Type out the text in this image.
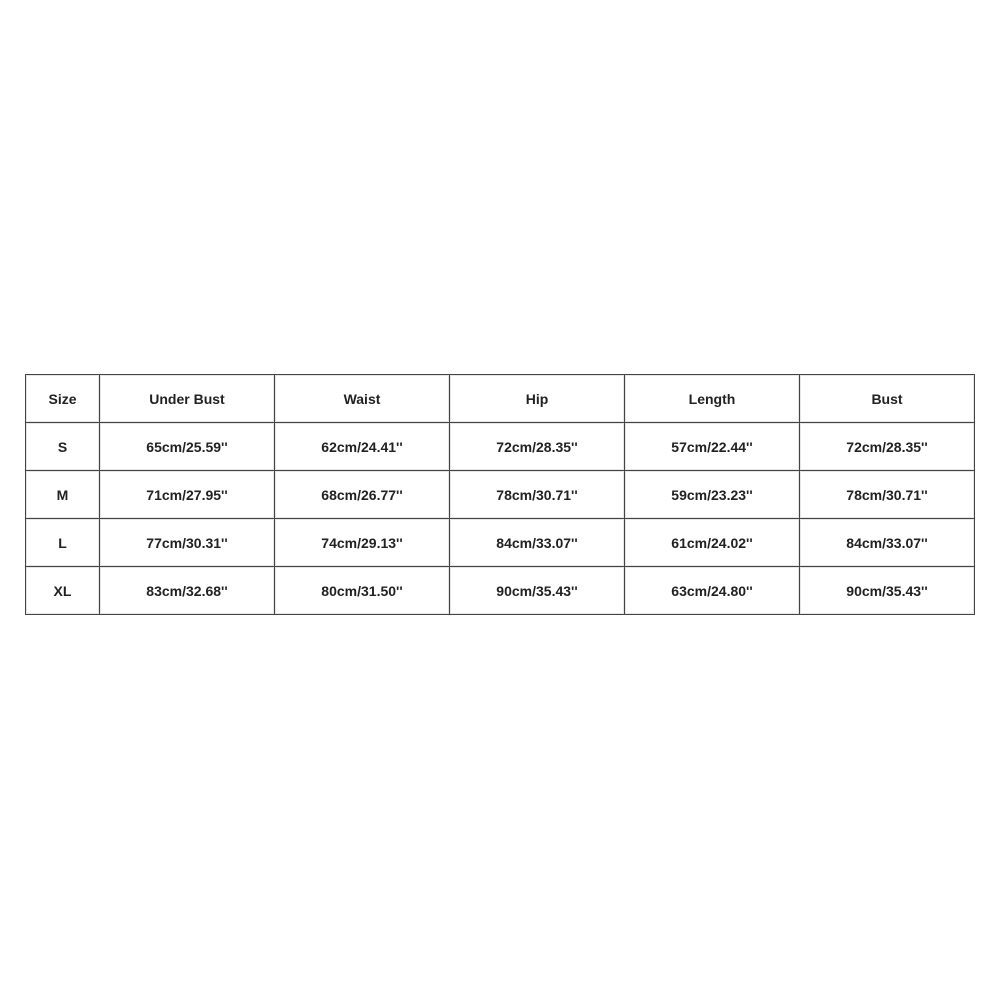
Size	Under Bust	Waist	Hip	Length	Bust
S	65cm/25.59''	62cm/24.41''	72cm/28.35''	57cm/22.44''	72cm/28.35''
M	71cm/27.95''	68cm/26.77''	78cm/30.71''	59cm/23.23''	78cm/30.71''
L	77cm/30.31''	74cm/29.13''	84cm/33.07''	61cm/24.02''	84cm/33.07''
XL	83cm/32.68''	80cm/31.50''	90cm/35.43''	63cm/24.80''	90cm/35.43''
